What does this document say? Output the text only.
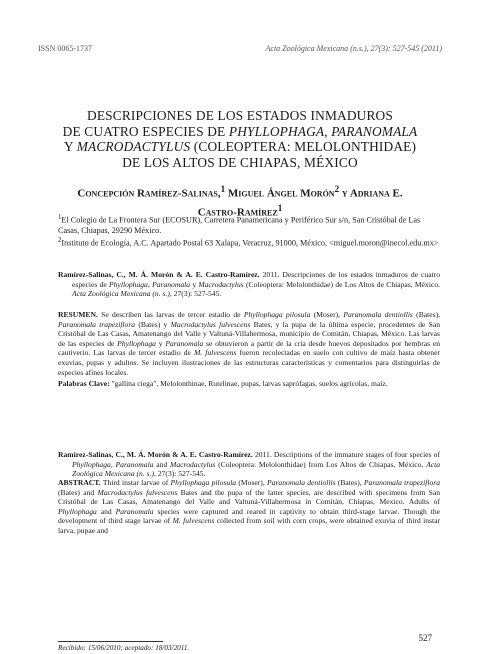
ISSN 0065-1737	Acta Zoológica Mexicana (n.s.), 27(3): 527-545 (2011)
DESCRIPCIONES DE LOS ESTADOS INMADUROS
DE CUATRO ESPECIES DE PHYLLOPHAGA, PARANOMALA
Y MACRODACTYLUS (COLEOPTERA: MELOLONTHIDAE)
DE LOS ALTOS DE CHIAPAS, MÉXICO
Concepción Ramírez-Salinas,$^1$ Miguel Ángel Morón$^2$ y Adriana E.
Castro-Ramírez$^1$
$^1$El Colegio de La Frontera Sur (ECOSUR), Carretera Panamericana y Periférico Sur s/n, San Cristóbal de Las Casas, Chiapas, 29290 México.
$^2$Instituto de Ecología, A.C. Apartado Postal 63 Xalapa, Veracruz, 91000, México, <miguel.moron@inecol.edu.mx>
Ramírez-Salinas, C., M. Á. Morón & A. E. Castro-Ramírez. 2011. Descripciones de los estados inmaduros de cuatro especies de Phyllophaga, Paranomala y Macrodactylus (Coleoptera: Melolonthidae) de Los Altos de Chiapas, México. Acta Zoológica Mexicana (n. s.), 27(3): 527-545.
RESUMEN. Se describen las larvas de tercer estadio de Phyllophaga pilosula (Moser), Paranomala dentiollis (Bates), Paranomala trapeziflora (Bates) y Macrodactylus fulvescens Bates, y la pupa de la última especie, procedentes de San Cristóbal de Las Casas, Amatenango del Valle y Valtuná-Villahermosa, municipio de Comitán, Chiapas, México. Las larvas de las especies de Phyllophaga y Paranomala se obtuvieron a partir de la cría desde huevos depositados por hembras en cautiverio. Las larvas de tercer estadio de M. fulvescens fueron recolectadas en suelo con cultivo de maíz hasta obtener exuvias, pupas y adultos. Se incluyen ilustraciones de las estructuras características y comentarios para distinguirlas de especies afines locales.
Palabras Clave: "gallina ciega", Melolonthinae, Rutelinae, pupas, larvas saprófagas, suelos agrícolas, maíz.
Ramírez-Salinas, C., M. Á. Morón & A. E. Castro-Ramírez. 2011. Descriptions of the immature stages of four species of Phyllophaga, Paranomala and Macrodactylus (Coleoptera: Melolonthidae) from Los Altos de Chiapas, México. Acta Zoológica Mexicana (n. s.), 27(3): 527-545.
ABSTRACT. Third instar larvae of Phyllophaga pilosula (Moser), Paranomala dentiollis (Bates), Paranomala trapeziflora (Bates) and Macrodactylus fulvescens Bates and the pupa of the latter species, are described with specimens from San Cristóbal de Las Casas, Amatenango del Valle and Valtuná-Villahermosa in Comitán, Chiapas, Mexico. Adults of Phyllophaga and Paranomala species were captured and reared in captivity to obtain third-stage larvae. Though the development of third stage larvae of M. fulvescens collected from soil with corn crops, were obtained exuvia of third instar larva, pupae and
Recibido: 15/06/2010; aceptado: 18/03/2011.
527
